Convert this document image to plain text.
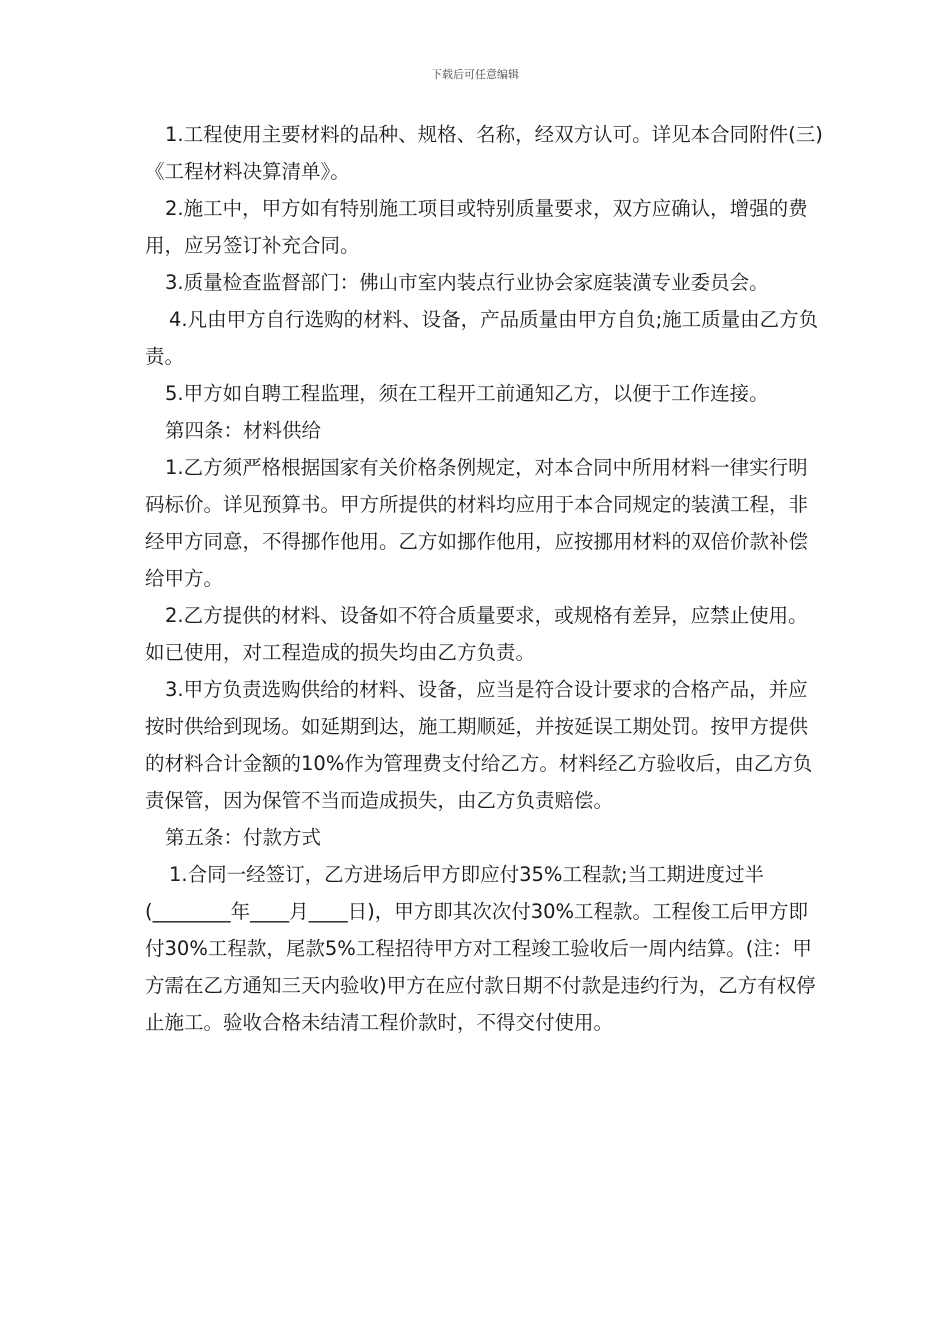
下载后可任意编辑

1.工程使用主要材料的品种、规格、名称，经双方认可。详见本合同附件(三)《工程材料决算清单》。

2.施工中，甲方如有特别施工项目或特别质量要求，双方应确认，增强的费用，应另签订补充合同。

3.质量检查监督部门：佛山市室内装点行业协会家庭装潢专业委员会。

4.凡由甲方自行选购的材料、设备，产品质量由甲方自负;施工质量由乙方负责。

5.甲方如自聘工程监理，须在工程开工前通知乙方，以便于工作连接。

第四条：材料供给

1.乙方须严格根据国家有关价格条例规定，对本合同中所用材料一律实行明码标价。详见预算书。甲方所提供的材料均应用于本合同规定的装潢工程，非经甲方同意，不得挪作他用。乙方如挪作他用，应按挪用材料的双倍价款补偿给甲方。

2.乙方提供的材料、设备如不符合质量要求，或规格有差异，应禁止使用。如已使用，对工程造成的损失均由乙方负责。

3.甲方负责选购供给的材料、设备，应当是符合设计要求的合格产品，并应按时供给到现场。如延期到达，施工期顺延，并按延误工期处罚。按甲方提供的材料合计金额的10%作为管理费支付给乙方。材料经乙方验收后，由乙方负责保管，因为保管不当而造成损失，由乙方负责赔偿。

第五条：付款方式

1.合同一经签订，乙方进场后甲方即应付35%工程款;当工期进度过半(________年____月____日)，甲方即其次次付30%工程款。工程俊工后甲方即付30%工程款，尾款5%工程招待甲方对工程竣工验收后一周内结算。(注：甲方需在乙方通知三天内验收)甲方在应付款日期不付款是违约行为，乙方有权停止施工。验收合格未结清工程价款时，不得交付使用。
